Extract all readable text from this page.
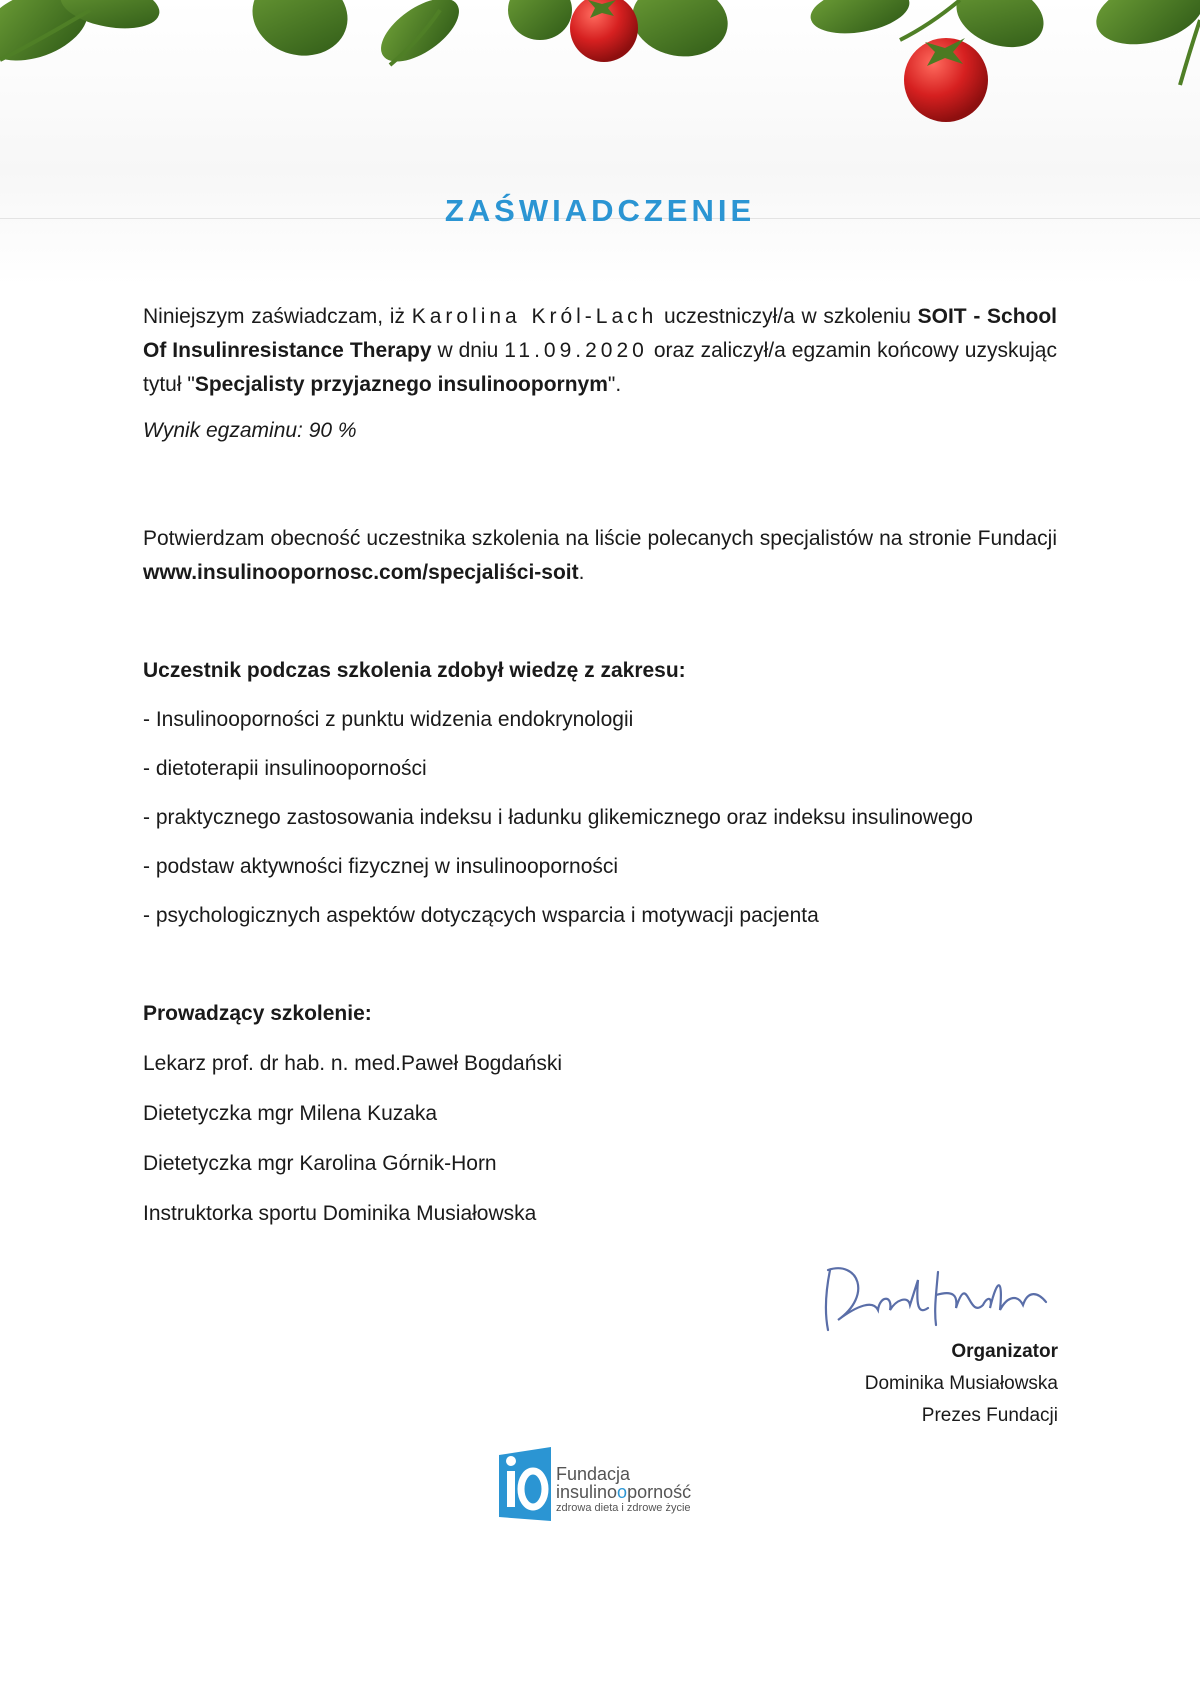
ZAŚWIADCZENIE

Niniejszym zaświadczam, iż Karolina Król-Lach uczestniczył/a w szkoleniu SOIT - School Of Insulinresistance Therapy w dniu 11.09.2020 oraz zaliczył/a egzamin końcowy uzyskując tytuł "Specjalisty przyjaznego insulinoopornym".

Wynik egzaminu: 90 %

Potwierdzam obecność uczestnika szkolenia na liście polecanych specjalistów na stronie Fundacji www.insulinoopornosc.com/specjaliści-soit.

Uczestnik podczas szkolenia zdobył wiedzę z zakresu:

- Insulinooporności z punktu widzenia endokrynologii

- dietoterapii insulinooporności

- praktycznego zastosowania indeksu i ładunku glikemicznego oraz indeksu insulinowego

- podstaw aktywności fizycznej w insulinooporności

- psychologicznych aspektów dotyczących wsparcia i motywacji pacjenta

Prowadzący szkolenie:

Lekarz prof. dr hab. n. med.Paweł Bogdański

Dietetyczka mgr Milena Kuzaka

Dietetyczka mgr Karolina Górnik-Horn

Instruktorka sportu Dominika Musiałowska

Organizator
Dominika Musiałowska
Prezes Fundacji
Fundacja
insulinooporność
zdrowa dieta i zdrowe życie
